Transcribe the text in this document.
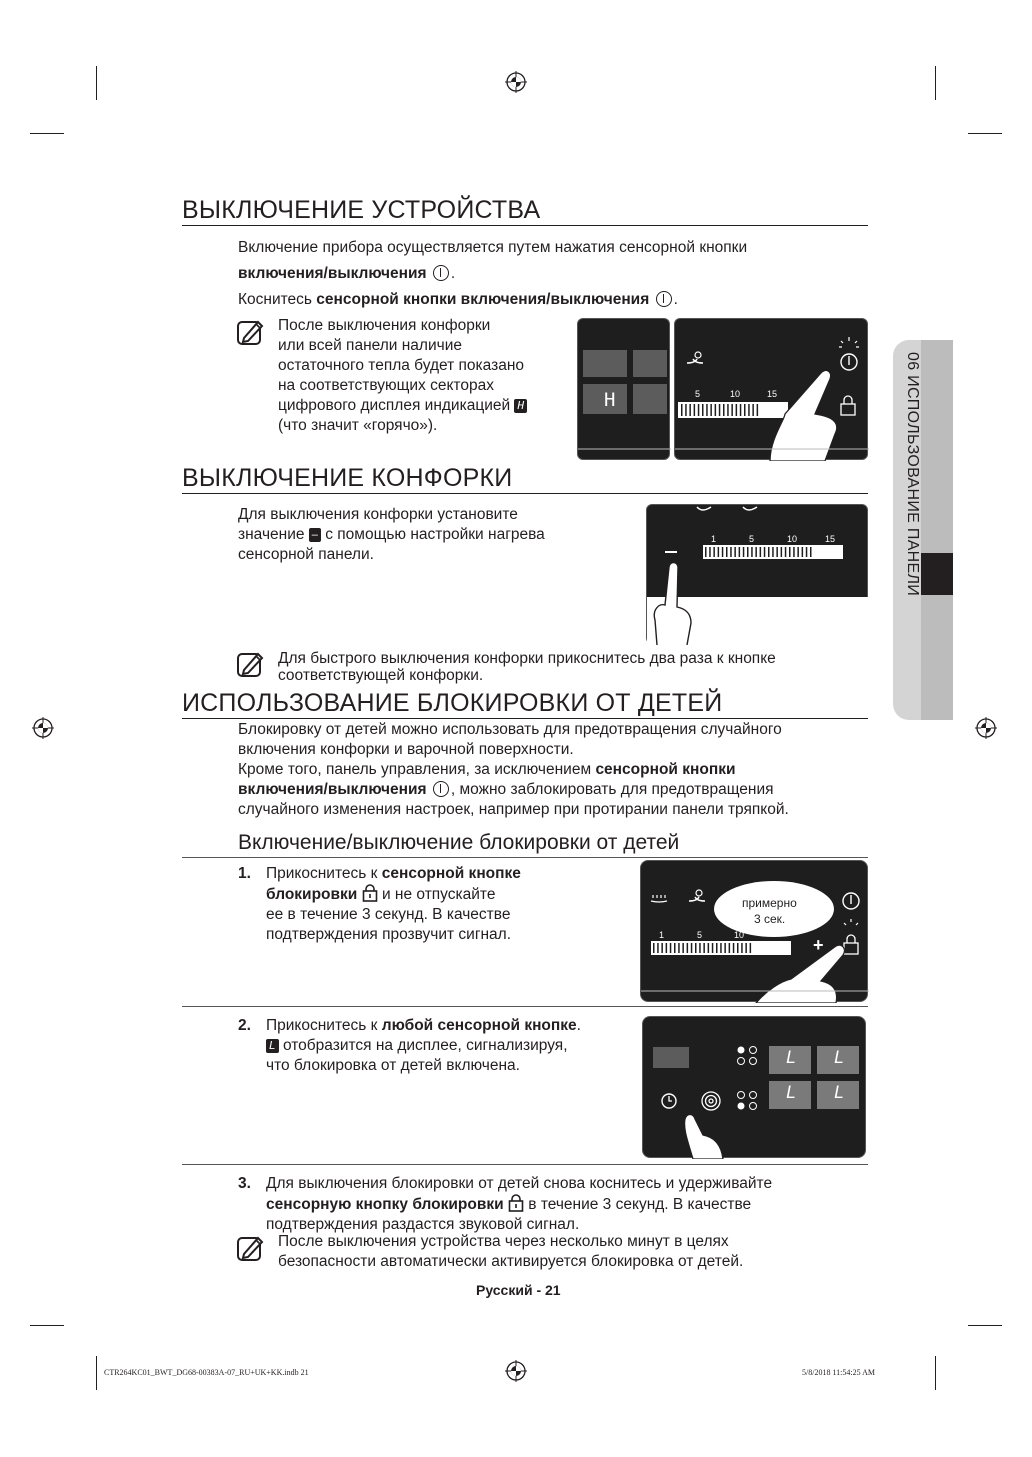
06 ИСПОЛЬЗОВАНИЕ ПАНЕЛИ
ВЫКЛЮЧЕНИЕ УСТРОЙСТВА
Включение прибора осуществляется путем нажатия сенсорной кнопки
включения/выключения .
Коснитесь сенсорной кнопки включения/выключения .
После выключения конфорки
или всей панели наличие
остаточного тепла будет показано
на соответствующих секторах
цифрового дисплея индикацией H
(что значит «горячо»).
H	5	10	15
ВЫКЛЮЧЕНИЕ КОНФОРКИ
Для выключения конфорки установите
значение – с помощью настройки нагрева
сенсорной панели.
1	5	10	15
Для быстрого выключения конфорки прикоснитесь два раза к кнопке
соответствующей конфорки.
ИСПОЛЬЗОВАНИЕ БЛОКИРОВКИ ОТ ДЕТЕЙ
Блокировку от детей можно использовать для предотвращения случайного
включения конфорки и варочной поверхности.
Кроме того, панель управления, за исключением сенсорной кнопки
включения/выключения , можно заблокировать для предотвращения
случайного изменения настроек, например при протирании панели тряпкой.
Включение/выключение блокировки от детей
1. Прикоснитесь к сенсорной кнопке
блокировки  и не отпускайте
ее в течение 3 секунд. В качестве
подтверждения прозвучит сигнал.
примерно
3 сек.
1	5	10	+
2. Прикоснитесь к любой сенсорной кнопке.
L отобразится на дисплее, сигнализируя,
что блокировка от детей включена.	L L
L L
3. Для выключения блокировки от детей снова коснитесь и удерживайте
сенсорную кнопку блокировки  в течение 3 секунд. В качестве
подтверждения раздастся звуковой сигнал.
После выключения устройства через несколько минут в целях
безопасности автоматически активируется блокировка от детей.
Русский - 21
CTR264KC01_BWT_DG68-00383A-07_RU+UK+KK.indb 21	5/8/2018 11:54:25 AM
